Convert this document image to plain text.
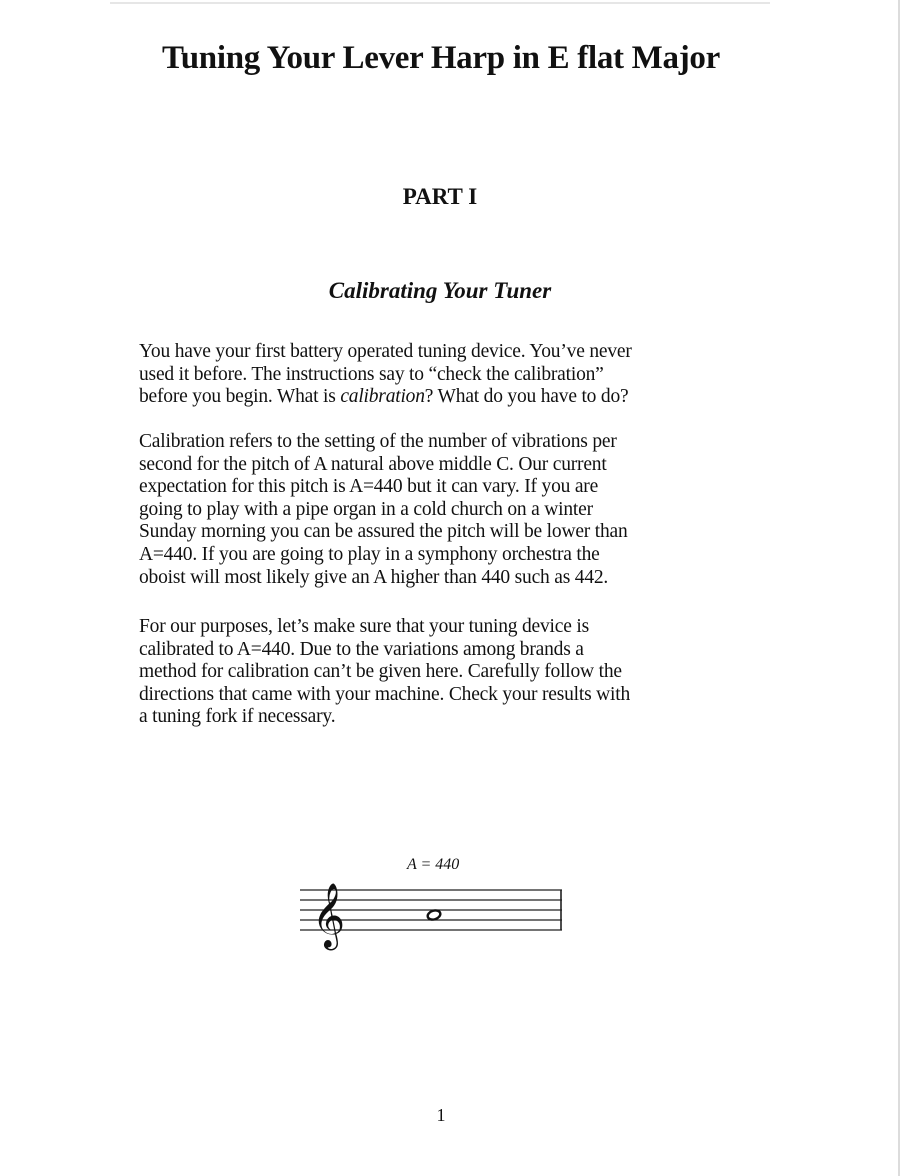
Tuning Your Lever Harp in E flat Major
PART I
Calibrating Your Tuner

You have your first battery operated tuning device. You’ve never
used it before. The instructions say to “check the calibration”
before you begin. What is calibration? What do you have to do?

Calibration refers to the setting of the number of vibrations per
second for the pitch of A natural above middle C. Our current
expectation for this pitch is A=440 but it can vary. If you are
going to play with a pipe organ in a cold church on a winter
Sunday morning you can be assured the pitch will be lower than
A=440. If you are going to play in a symphony orchestra the
oboist will most likely give an A higher than 440 such as 442.

For our purposes, let’s make sure that your tuning device is
calibrated to A=440. Due to the variations among brands a
method for calibration can’t be given here. Carefully follow the
directions that came with your machine. Check your results with
a tuning fork if necessary.

A = 440

𝄞

1
